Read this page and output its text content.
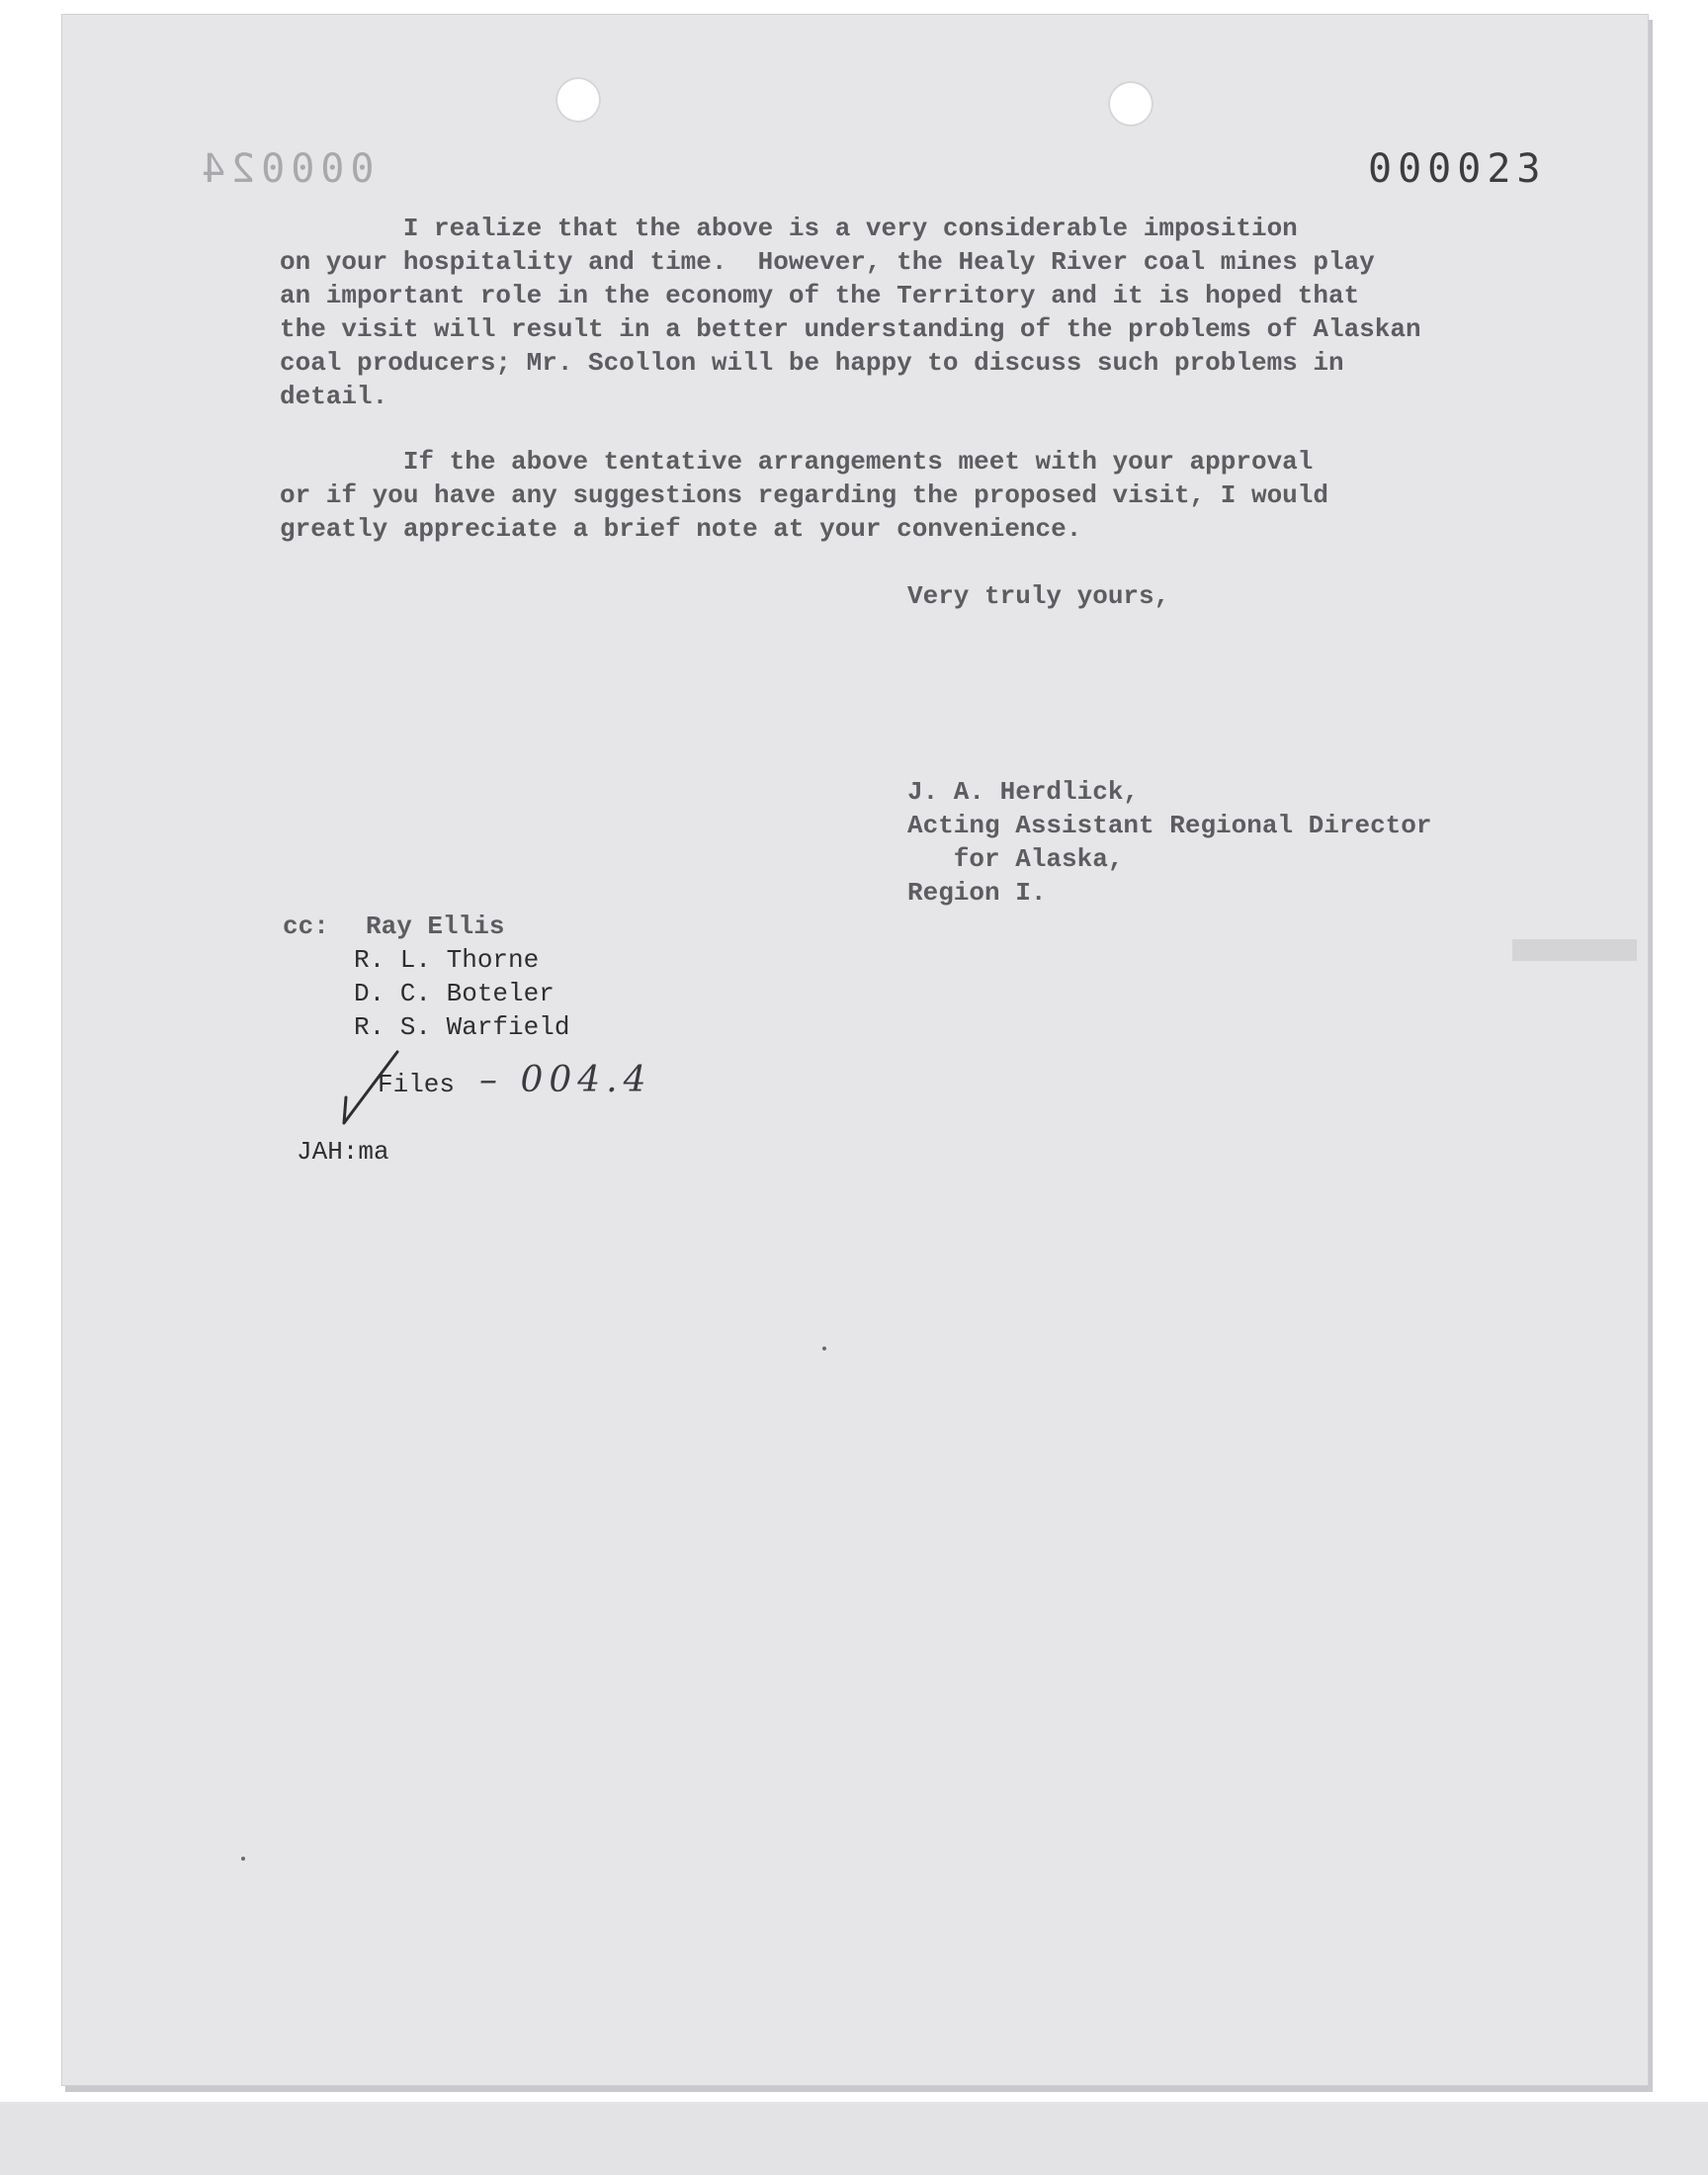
000024	000023

I realize that the above is a very considerable imposition

on your hospitality and time.  However, the Healy River coal mines play

an important role in the economy of the Territory and it is hoped that

the visit will result in a better understanding of the problems of Alaskan

coal producers; Mr. Scollon will be happy to discuss such problems in

detail.

If the above tentative arrangements meet with your approval

or if you have any suggestions regarding the proposed visit, I would

greatly appreciate a brief note at your convenience.

Very truly yours,

J. A. Herdlick,

Acting Assistant Regional Director

for Alaska,

Region I.

cc: Ray Ellis

R. L. Thorne

D. C. Boteler

R. S. Warfield

Files – 004.4

JAH:ma
